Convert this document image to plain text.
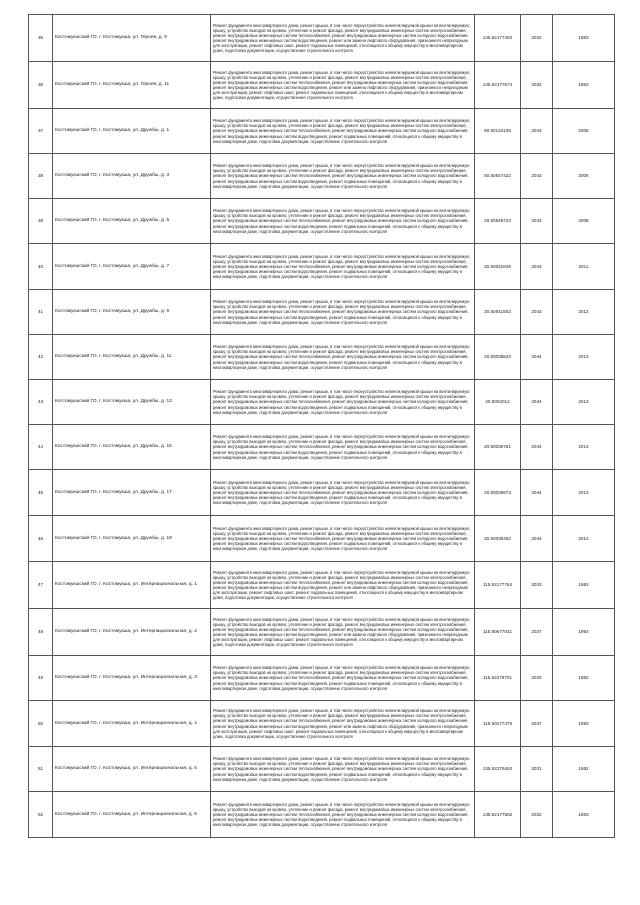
35	Костомукшский ГО, г. Костомукша, ул. Героев, д. 9	Ремонт фундамента многоквартирного дома, ремонт крыши, в том числе переустройство невентилируемой крыши на вентилируемую крышу, устройство выходов на кровлю, утепление и ремонт фасада, ремонт внутридомовых инженерных систем электроснабжения, ремонт внутридомовых инженерных систем теплоснабжения, ремонт внутридомовых инженерных систем холодного водоснабжения, ремонт внутридомовых инженерных систем водоотведения, ремонт или замена лифтового оборудования, признанного непригодным для эксплуатации, ремонт лифтовых шахт, ремонт подвальных помещений, относящихся к общему имуществу в многоквартирном доме, подготовка документации, осуществление строительного контроля	135.52177462	2032	1983
36	Костомукшский ГО, г. Костомукша, ул. Героев, д. 11	Ремонт фундамента многоквартирного дома, ремонт крыши, в том числе переустройство невентилируемой крыши на вентилируемую крышу, устройство выходов на кровлю, утепление и ремонт фасада, ремонт внутридомовых инженерных систем электроснабжения, ремонт внутридомовых инженерных систем теплоснабжения, ремонт внутридомовых инженерных систем холодного водоснабжения, ремонт внутридомовых инженерных систем водоотведения, ремонт или замена лифтового оборудования, признанного непригодным для эксплуатации, ремонт лифтовых шахт, ремонт подвальных помещений, относящихся к общему имуществу в многоквартирном доме, подготовка документации, осуществление строительного контроля	135.52177574	2032	1983
37	Костомукшский ГО, г. Костомукша, ул. Дружбы, д. 1	Ремонт фундамента многоквартирного дома, ремонт крыши, в том числе переустройство невентилируемой крыши на вентилируемую крышу, устройство выходов на кровлю, утепление и ремонт фасада, ремонт внутридомовых инженерных систем электроснабжения, ремонт внутридомовых инженерных систем теплоснабжения, ремонт внутридомовых инженерных систем холодного водоснабжения, ремонт внутридомовых инженерных систем водоотведения, ремонт подвальных помещений, относящихся к общему имуществу в многоквартирном доме, подготовка документации, осуществление строительного контроля	50.50143105	2043	2006
38	Костомукшский ГО, г. Костомукша, ул. Дружбы, д. 3	Ремонт фундамента многоквартирного дома, ремонт крыши, в том числе переустройство невентилируемой крыши на вентилируемую крышу, устройство выходов на кровлю, утепление и ремонт фасада, ремонт внутридомовых инженерных систем электроснабжения, ремонт внутридомовых инженерных систем теплоснабжения, ремонт внутридомовых инженерных систем холодного водоснабжения, ремонт внутридомовых инженерных систем водоотведения, ремонт подвальных помещений, относящихся к общему имуществу в многоквартирном доме, подготовка документации, осуществление строительного контроля	50.50547422	2043	2006
39	Костомукшский ГО, г. Костомукша, ул. Дружбы, д. 5	Ремонт фундамента многоквартирного дома, ремонт крыши, в том числе переустройство невентилируемой крыши на вентилируемую крышу, устройство выходов на кровлю, утепление и ремонт фасада, ремонт внутридомовых инженерных систем электроснабжения, ремонт внутридомовых инженерных систем теплоснабжения, ремонт внутридомовых инженерных систем холодного водоснабжения, ремонт внутридомовых инженерных систем водоотведения, ремонт подвальных помещений, относящихся к общему имуществу в многоквартирном доме, подготовка документации, осуществление строительного контроля	20.50549724	2043	2008
40	Костомукшский ГО, г. Костомукша, ул. Дружбы, д. 7	Ремонт фундамента многоквартирного дома, ремонт крыши, в том числе переустройство невентилируемой крыши на вентилируемую крышу, устройство выходов на кровлю, утепление и ремонт фасада, ремонт внутридомовых инженерных систем электроснабжения, ремонт внутридомовых инженерных систем теплоснабжения, ремонт внутридомовых инженерных систем холодного водоснабжения, ремонт внутридомовых инженерных систем водоотведения, ремонт подвальных помещений, относящихся к общему имуществу в многоквартирном доме, подготовка документации, осуществление строительного контроля	20.50042849	2043	2011
41	Костомукшский ГО, г. Костомукша, ул. Дружбы, д. 9	Ремонт фундамента многоквартирного дома, ремонт крыши, в том числе переустройство невентилируемой крыши на вентилируемую крышу, устройство выходов на кровлю, утепление и ремонт фасада, ремонт внутридомовых инженерных систем электроснабжения, ремонт внутридомовых инженерных систем теплоснабжения, ремонт внутридомовых инженерных систем холодного водоснабжения, ремонт внутридомовых инженерных систем водоотведения, ремонт подвальных помещений, относящихся к общему имуществу в многоквартирном доме, подготовка документации, осуществление строительного контроля	20.50541502	2043	2012
42	Костомукшский ГО, г. Костомукша, ул. Дружбы, д. 11	Ремонт фундамента многоквартирного дома, ремонт крыши, в том числе переустройство невентилируемой крыши на вентилируемую крышу, устройство выходов на кровлю, утепление и ремонт фасада, ремонт внутридомовых инженерных систем электроснабжения, ремонт внутридомовых инженерных систем теплоснабжения, ремонт внутридомовых инженерных систем холодного водоснабжения, ремонт внутридомовых инженерных систем водоотведения, ремонт подвальных помещений, относящихся к общему имуществу в многоквартирном доме, подготовка документации, осуществление строительного контроля	20.50038843	2044	2013
43	Костомукшский ГО, г. Костомукша, ул. Дружбы, д. 13	Ремонт фундамента многоквартирного дома, ремонт крыши, в том числе переустройство невентилируемой крыши на вентилируемую крышу, устройство выходов на кровлю, утепление и ремонт фасада, ремонт внутридомовых инженерных систем электроснабжения, ремонт внутридомовых инженерных систем теплоснабжения, ремонт внутридомовых инженерных систем холодного водоснабжения, ремонт внутридомовых инженерных систем водоотведения, ремонт подвальных помещений, относящихся к общему имуществу в многоквартирном доме, подготовка документации, осуществление строительного контроля	20.5004012	2044	2013
44	Костомукшский ГО, г. Костомукша, ул. Дружбы, д. 15	Ремонт фундамента многоквартирного дома, ремонт крыши, в том числе переустройство невентилируемой крыши на вентилируемую крышу, устройство выходов на кровлю, утепление и ремонт фасада, ремонт внутридомовых инженерных систем электроснабжения, ремонт внутридомовых инженерных систем теплоснабжения, ремонт внутридомовых инженерных систем холодного водоснабжения, ремонт внутридомовых инженерных систем водоотведения, ремонт подвальных помещений, относящихся к общему имуществу в многоквартирном доме, подготовка документации, осуществление строительного контроля	20.50038761	2044	2014
45	Костомукшский ГО, г. Костомукша, ул. Дружбы, д. 17	Ремонт фундамента многоквартирного дома, ремонт крыши, в том числе переустройство невентилируемой крыши на вентилируемую крышу, устройство выходов на кровлю, утепление и ремонт фасада, ремонт внутридомовых инженерных систем электроснабжения, ремонт внутридомовых инженерных систем теплоснабжения, ремонт внутридомовых инженерных систем холодного водоснабжения, ремонт внутридомовых инженерных систем водоотведения, ремонт подвальных помещений, относящихся к общему имуществу в многоквартирном доме, подготовка документации, осуществление строительного контроля	20.50038673	2044	2013
46	Костомукшский ГО, г. Костомукша, ул. Дружбы, д. 19	Ремонт фундамента многоквартирного дома, ремонт крыши, в том числе переустройство невентилируемой крыши на вентилируемую крышу, устройство выходов на кровлю, утепление и ремонт фасада, ремонт внутридомовых инженерных систем электроснабжения, ремонт внутридомовых инженерных систем теплоснабжения, ремонт внутридомовых инженерных систем холодного водоснабжения, ремонт внутридомовых инженерных систем водоотведения, ремонт подвальных помещений, относящихся к общему имуществу в многоквартирном доме, подготовка документации, осуществление строительного контроля	20.50038462	2044	2014
47	Костомукшский ГО, г. Костомукша, ул. Интернациональная, д. 1	Ремонт фундамента многоквартирного дома, ремонт крыши, в том числе переустройство невентилируемой крыши на вентилируемую крышу, устройство выходов на кровлю, утепление и ремонт фасада, ремонт внутридомовых инженерных систем электроснабжения, ремонт внутридомовых инженерных систем теплоснабжения, ремонт внутридомовых инженерных систем холодного водоснабжения, ремонт внутридомовых инженерных систем водоотведения, ремонт или замена лифтового оборудования, признанного непригодным для эксплуатации, ремонт лифтовых шахт, ремонт подвальных помещений, относящихся к общему имуществу в многоквартирном доме, подготовка документации, осуществление строительного контроля	115.52177764	2033	1983
48	Костомукшский ГО, г. Костомукша, ул. Интернациональная, д. 2	Ремонт фундамента многоквартирного дома, ремонт крыши, в том числе переустройство невентилируемой крыши на вентилируемую крышу, устройство выходов на кровлю, утепление и ремонт фасада, ремонт внутридомовых инженерных систем электроснабжения, ремонт внутридомовых инженерных систем теплоснабжения, ремонт внутридомовых инженерных систем холодного водоснабжения, ремонт внутридомовых инженерных систем водоотведения, ремонт или замена лифтового оборудования, признанного непригодным для эксплуатации, ремонт лифтовых шахт, ремонт подвальных помещений, относящихся к общему имуществу в многоквартирном доме, подготовка документации, осуществление строительного контроля	115.50677031	2037	1993
49	Костомукшский ГО, г. Костомукша, ул. Интернациональная, д. 3	Ремонт фундамента многоквартирного дома, ремонт крыши, в том числе переустройство невентилируемой крыши на вентилируемую крышу, устройство выходов на кровлю, утепление и ремонт фасада, ремонт внутридомовых инженерных систем электроснабжения, ремонт внутридомовых инженерных систем теплоснабжения, ремонт внутридомовых инженерных систем холодного водоснабжения, ремонт внутридомовых инженерных систем водоотведения, ремонт подвальных помещений, относящихся к общему имуществу в многоквартирном доме, подготовка документации, осуществление строительного контроля	115.52276701	2033	1982
50	Костомукшский ГО, г. Костомукша, ул. Интернациональная, д. 4	Ремонт фундамента многоквартирного дома, ремонт крыши, в том числе переустройство невентилируемой крыши на вентилируемую крышу, устройство выходов на кровлю, утепление и ремонт фасада, ремонт внутридомовых инженерных систем электроснабжения, ремонт внутридомовых инженерных систем теплоснабжения, ремонт внутридомовых инженерных систем холодного водоснабжения, ремонт внутридомовых инженерных систем водоотведения, ремонт или замена лифтового оборудования, признанного непригодным для эксплуатации, ремонт лифтовых шахт, ремонт подвальных помещений, относящихся к общему имуществу в многоквартирном доме, подготовка документации, осуществление строительного контроля	115.50277478	2037	1993
51	Костомукшский ГО, г. Костомукша, ул. Интернациональная, д. 5	Ремонт фундамента многоквартирного дома, ремонт крыши, в том числе переустройство невентилируемой крыши на вентилируемую крышу, устройство выходов на кровлю, утепление и ремонт фасада, ремонт внутридомовых инженерных систем электроснабжения, ремонт внутридомовых инженерных систем теплоснабжения, ремонт внутридомовых инженерных систем холодного водоснабжения, ремонт внутридомовых инженерных систем водоотведения, ремонт подвальных помещений, относящихся к общему имуществу в многоквартирном доме, подготовка документации, осуществление строительного контроля	135.52276462	2031	1982
52	Костомукшский ГО, г. Костомукша, ул. Интернациональная, д. 6	Ремонт фундамента многоквартирного дома, ремонт крыши, в том числе переустройство невентилируемой крыши на вентилируемую крышу, устройство выходов на кровлю, утепление и ремонт фасада, ремонт внутридомовых инженерных систем электроснабжения, ремонт внутридомовых инженерных систем теплоснабжения, ремонт внутридомовых инженерных систем холодного водоснабжения, ремонт внутридомовых инженерных систем водоотведения, ремонт подвальных помещений, относящихся к общему имуществу в многоквартирном доме, подготовка документации, осуществление строительного контроля	135.52177562	2032	1983
